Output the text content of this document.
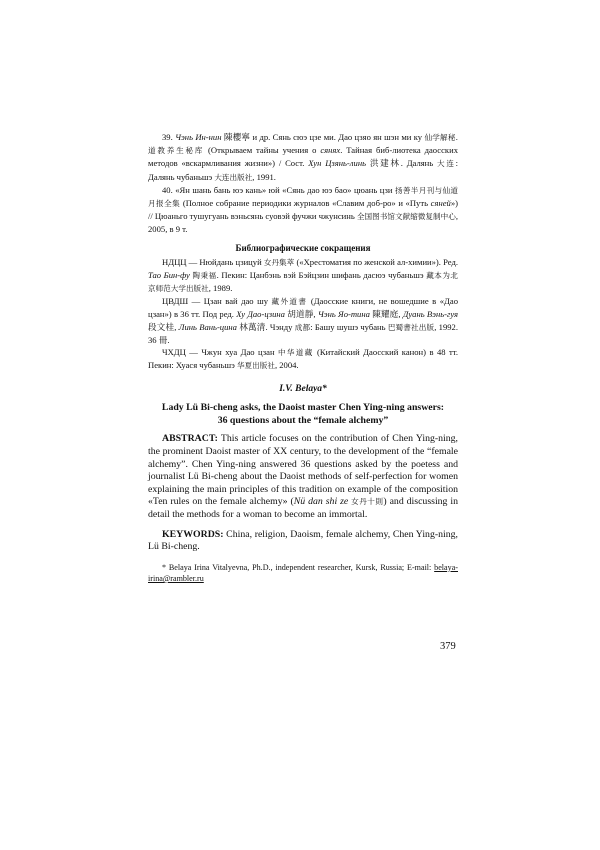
39. Чэнь Ин-нин 陳櫻寧 и др. Сянь сюэ цзе ми. Дао цзяо ян шэн ми ку 仙学解秘. 道教养生秘库 (Открываем тайны учения о сянях. Тайная биб-лиотека даосских методов «вскармливания жизни») / Сост. Хун Цзянь-линь 洪建林. Далянь 大连: Далянь чубаньшэ 大连出版社, 1991.

40. «Ян шань бань юэ кань» юй «Сянь дао юэ бао» цюань цзи 扬善半月刊与仙道月报全集 (Полное собрание периодики журналов «Славим доб-ро» и «Путь сяней») // Цюаньго тушугуань вэньсянь суовэй фучжи чжунсинь 全国图书馆文献缩微复制中心, 2005, в 9 т.

Библиографические сокращения

НДЦЦ — Нюйдань цзицуй 女丹集萃 («Хрестоматия по женской ал-химии»). Ред. Тао Бин-фу 陶秉福. Пекин: Цанбэнь вэй Бэйцзин шифань дасюэ чубаньшэ 藏本为北京师范大学出版社, 1989.

ЦВДШ — Цзан вай дао шу 藏外道書 (Даосские книги, не вошедшие в «Дао цзан») в 36 тт. Под ред. Ху Дао-цзина 胡道靜, Чэнь Яо-тина 陳耀庭, Дуань Вэнь-гуя 段文桂, Линь Вань-цина 林萬清. Чэнду 成都: Башу шушэ чубань 巴蜀書社出版, 1992. 36 冊.

ЧХДЦ — Чжун хуа Дао цзан 中华道藏 (Китайский Даосский канон) в 48 тт. Пекин: Хуася чубаньшэ 华夏出版社, 2004.

I.V. Belaya*
Lady Lü Bi-cheng asks, the Daoist master Chen Ying-ning answers:
36 questions about the “female alchemy”

ABSTRACT: This article focuses on the contribution of Chen Ying-ning, the prominent Daoist master of XX century, to the development of the “female alchemy”. Chen Ying-ning answered 36 questions asked by the poetess and journalist Lü Bi-cheng about the Daoist methods of self-perfection for women explaining the main principles of this tradition on example of the composition «Ten rules on the female alchemy» (Nü dan shi ze 女丹十則) and discussing in detail the methods for a woman to become an immortal.

KEYWORDS: China, religion, Daoism, female alchemy, Chen Ying-ning, Lü Bi-cheng.

* Belaya Irina Vitalyevna, Ph.D., independent researcher, Kursk, Russia; E-mail: belaya-irina@rambler.ru

379
